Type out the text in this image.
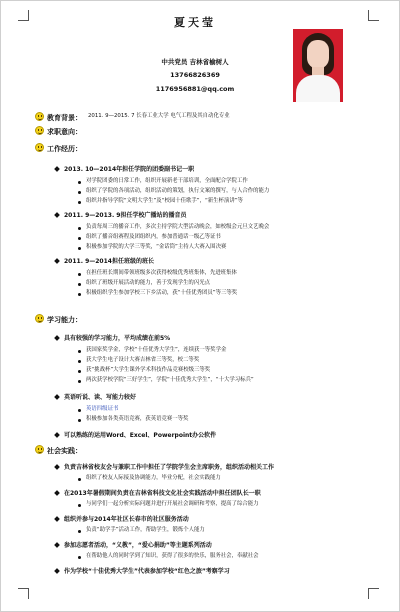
夏天莹
中共党员 吉林省榆树人
13766826369
1176956881@qq.com
教育背景： 2011. 9—2015. 7 长春工业大学 电气工程及其自动化专业
求职意向：
工作经历：
2013. 10—2014年担任学院的团委副书记一职
对学院团委的日常工作，组织开展新老干部培训，全面配合学院工作
组织了学院的各项活动，组织活动的策划，执行文案的撰写，与人合作的能力
组织并指导学院“文明大学生”及“校园十佳歌手”，“新生杯演讲”等
2011. 9—2013. 9担任学校广播站的播音员
负责每周三的播音工作，多次主持学院大型活动晚会，如校级会元旦文艺晚会
组织了播音组赛程及团组织内，参加普通话一级乙等证书
积极参加学院的大学三等奖，“金话筒”主持人大赛入围决赛
2011. 9—2014担任班级的班长
在担任班长期间带领班级多次获得校级优秀班集体，先进班集体
组织了班级开展活动的能力，善于发现学生的闪光点
积极组织学生参加学校三下乡活动，获“十佳优秀团员”等三等奖
学习能力：
具有较强的学习能力，平均成绩在前5%
获国家奖学金，学校“十佳优秀大学生”，连续获一等奖学金
获大学生电子设计大赛吉林省三等奖，校二等奖
获“挑战杯”大学生课外学术科技作品竞赛校级三等奖
两次获学校学院“三好学生”，学院“十佳优秀大学生”，“十大学习标兵”
英语听说、读、写能力较好
英语四级证书
积极参加各类英语竞赛，获英语竞赛一等奖
可以熟练的运用Word、Excel、Powerpoint办公软件
社会实践：
负责吉林省校友会与兼职工作中担任了学院学生会主席职务，组织活动相关工作
组织了校友人际接及协调能力，毕业分配，社会实践能力
在2013年暑假期间负责在吉林省科技文化社会实践活动中担任团队长一职
与同学们一起分析实际问题并进行开展社会调研和考察，提高了综合能力
组织并参与2014年社区长春市的社区服务活动
负责“助学手”活动工作，帮助学生，锻炼个人能力
参加志愿者活动，“义教”，“爱心捐助”等主题系列活动
在帮助他人的同时学到了知识，获得了很多的快乐，服务社会，奉献社会
作为学校“十佳优秀大学生”代表参加学校“红色之旅”考察学习
